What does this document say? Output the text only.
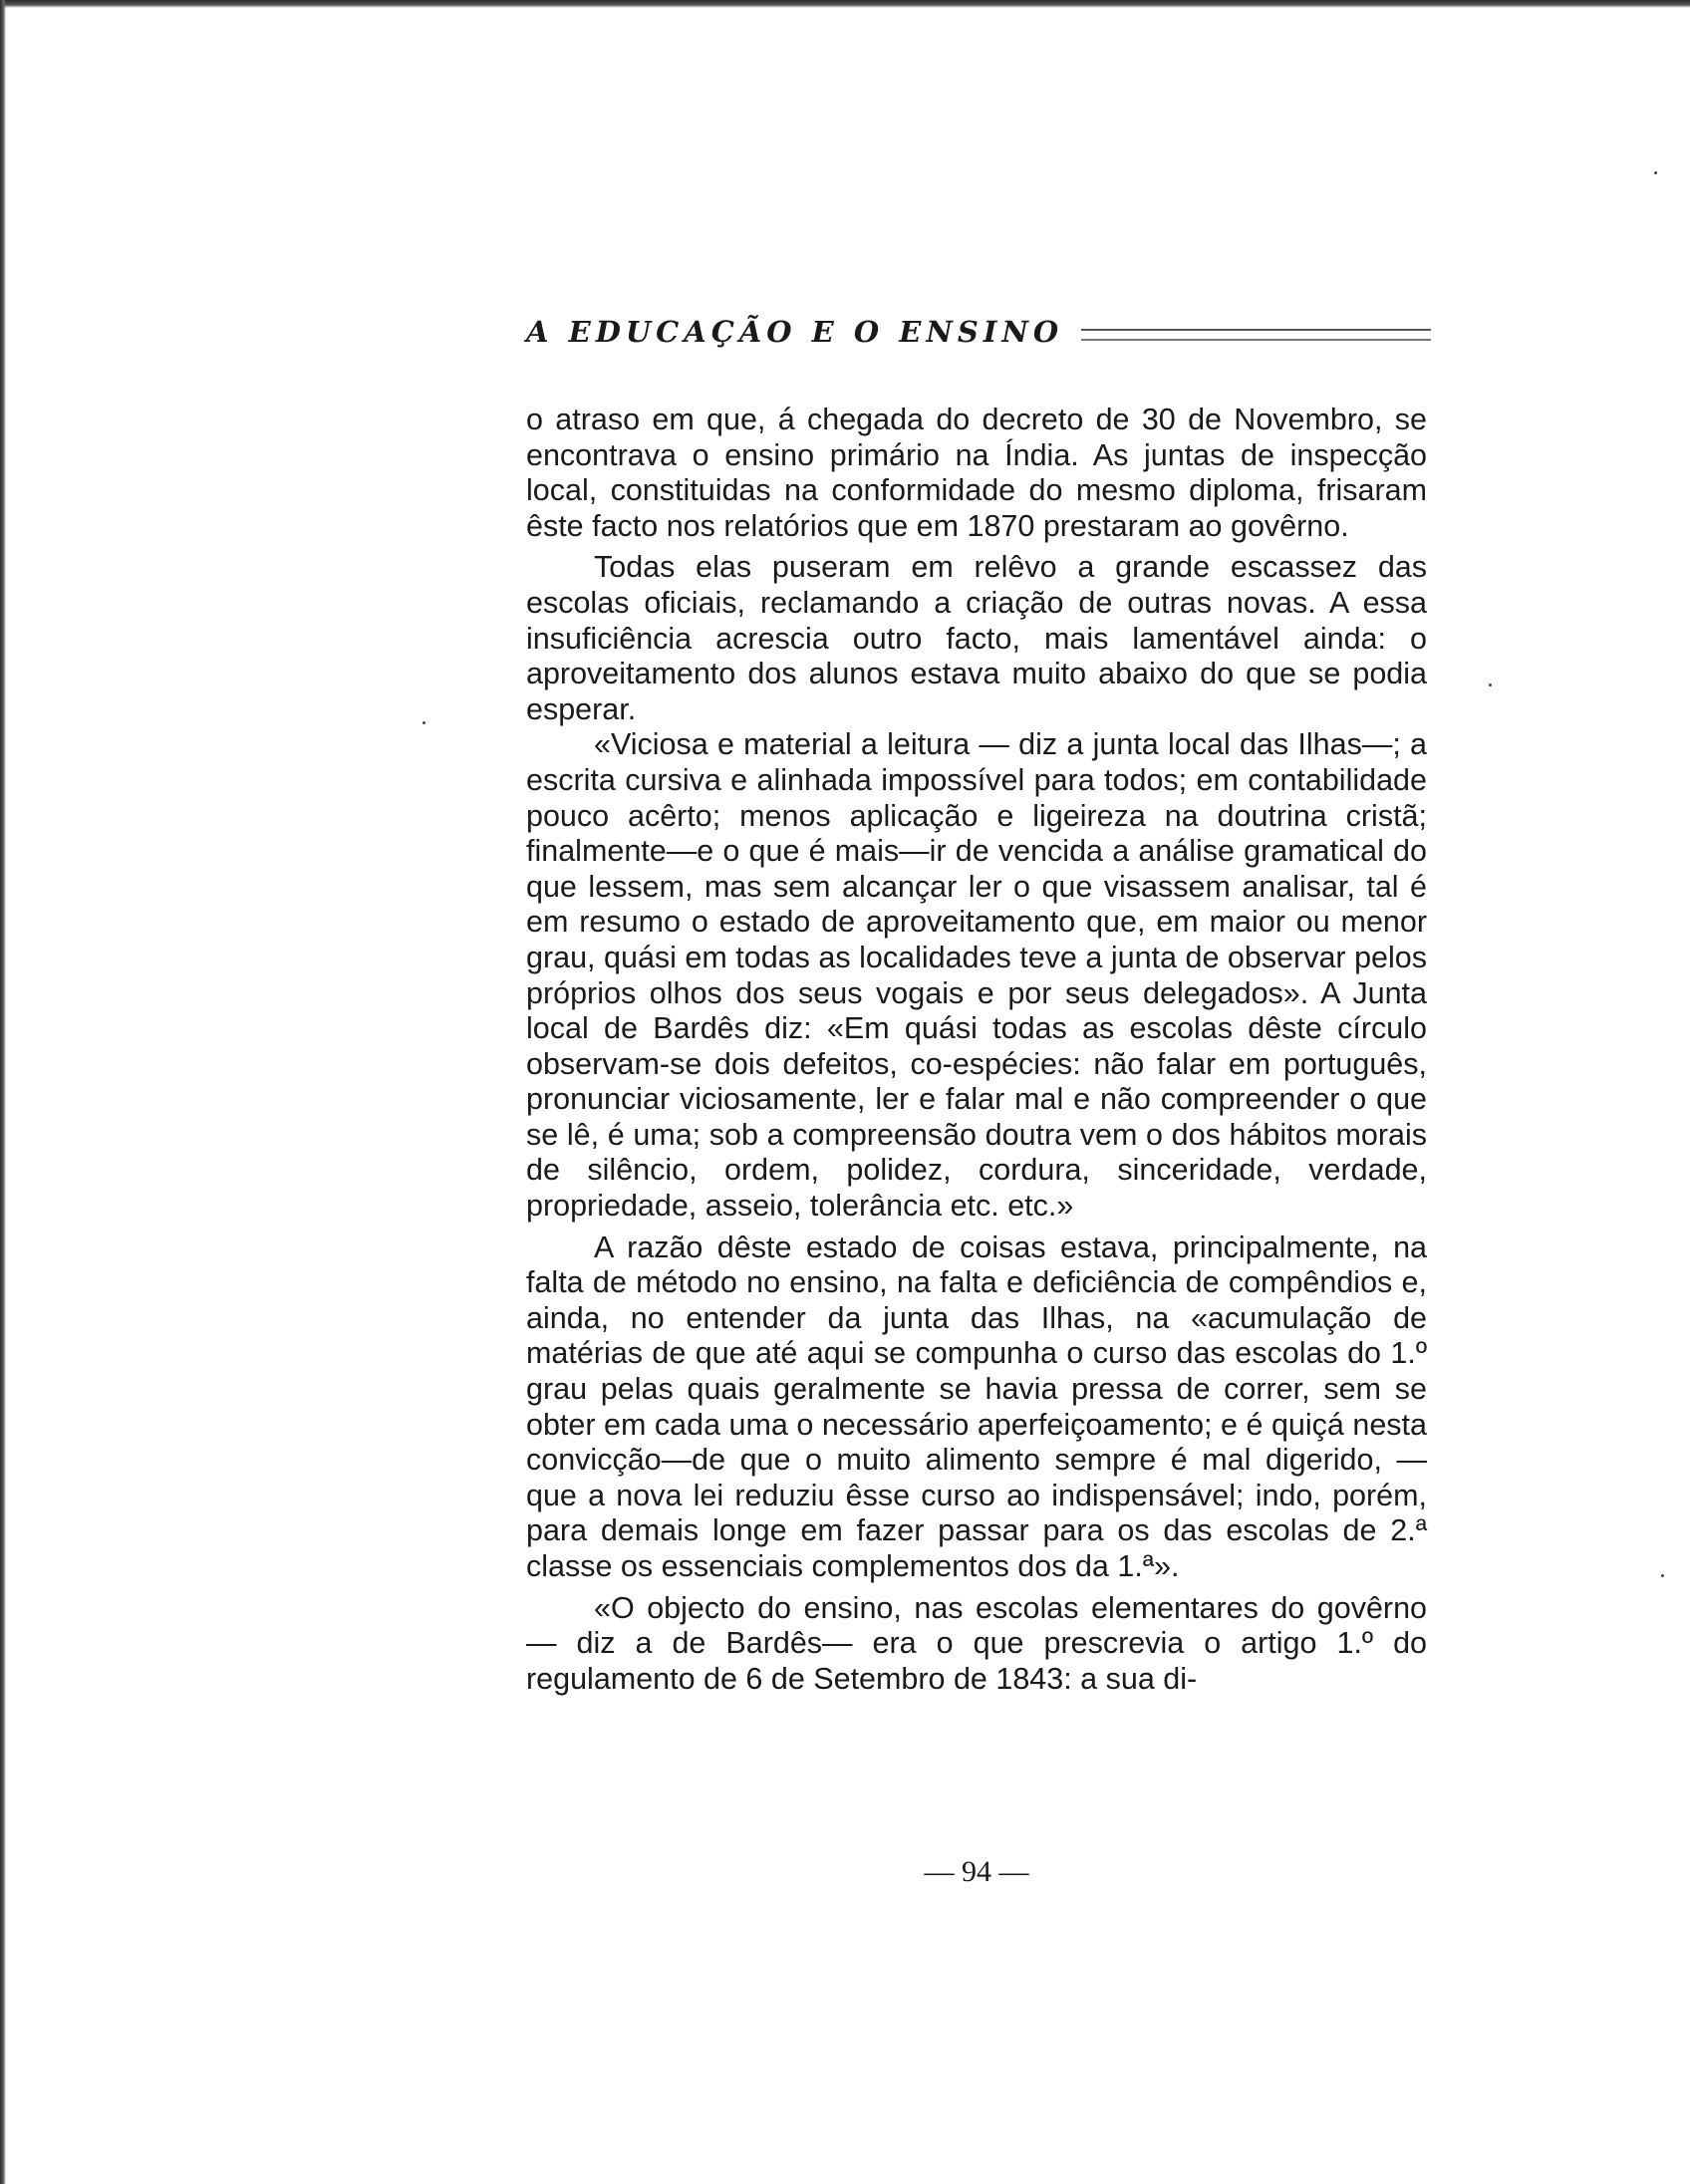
A EDUCAÇÃO E O ENSINO

o atraso em que, á chegada do decreto de 30 de Novembro, se encontrava o ensino primário na Índia. As juntas de inspecção local, constituidas na conformidade do mesmo diploma, frisaram êste facto nos relatórios que em 1870 prestaram ao govêrno.

Todas elas puseram em relêvo a grande escassez das escolas oficiais, reclamando a criação de outras novas. A essa insuficiência acrescia outro facto, mais lamentável ainda: o aproveitamento dos alunos estava muito abaixo do que se podia esperar.

«Viciosa e material a leitura — diz a junta local das Ilhas—; a escrita cursiva e alinhada impossível para todos; em contabilidade pouco acêrto; menos aplicação e ligeireza na doutrina cristã; finalmente—e o que é mais—ir de vencida a análise gramatical do que lessem, mas sem alcançar ler o que visassem analisar, tal é em resumo o estado de aproveitamento que, em maior ou menor grau, quási em todas as localidades teve a junta de observar pelos próprios olhos dos seus vogais e por seus delegados». A Junta local de Bardês diz: «Em quási todas as escolas dêste círculo observam-se dois defeitos, co-espécies: não falar em português, pronunciar viciosamente, ler e falar mal e não compreender o que se lê, é uma; sob a compreensão doutra vem o dos hábitos morais de silêncio, ordem, polidez, cordura, sinceridade, verdade, propriedade, asseio, tolerância etc. etc.»

A razão dêste estado de coisas estava, principalmente, na falta de método no ensino, na falta e deficiência de compêndios e, ainda, no entender da junta das Ilhas, na «acumulação de matérias de que até aqui se compunha o curso das escolas do 1.º grau pelas quais geralmente se havia pressa de correr, sem se obter em cada uma o necessário aperfeiçoamento; e é quiçá nesta convicção—de que o muito alimento sempre é mal digerido, — que a nova lei reduziu êsse curso ao indispensável; indo, porém, para demais longe em fazer passar para os das escolas de 2.ª classe os essenciais complementos dos da 1.ª».

«O objecto do ensino, nas escolas elementares do govêrno — diz a de Bardês— era o que prescrevia o artigo 1.º do regulamento de 6 de Setembro de 1843: a sua di-

— 94 —
